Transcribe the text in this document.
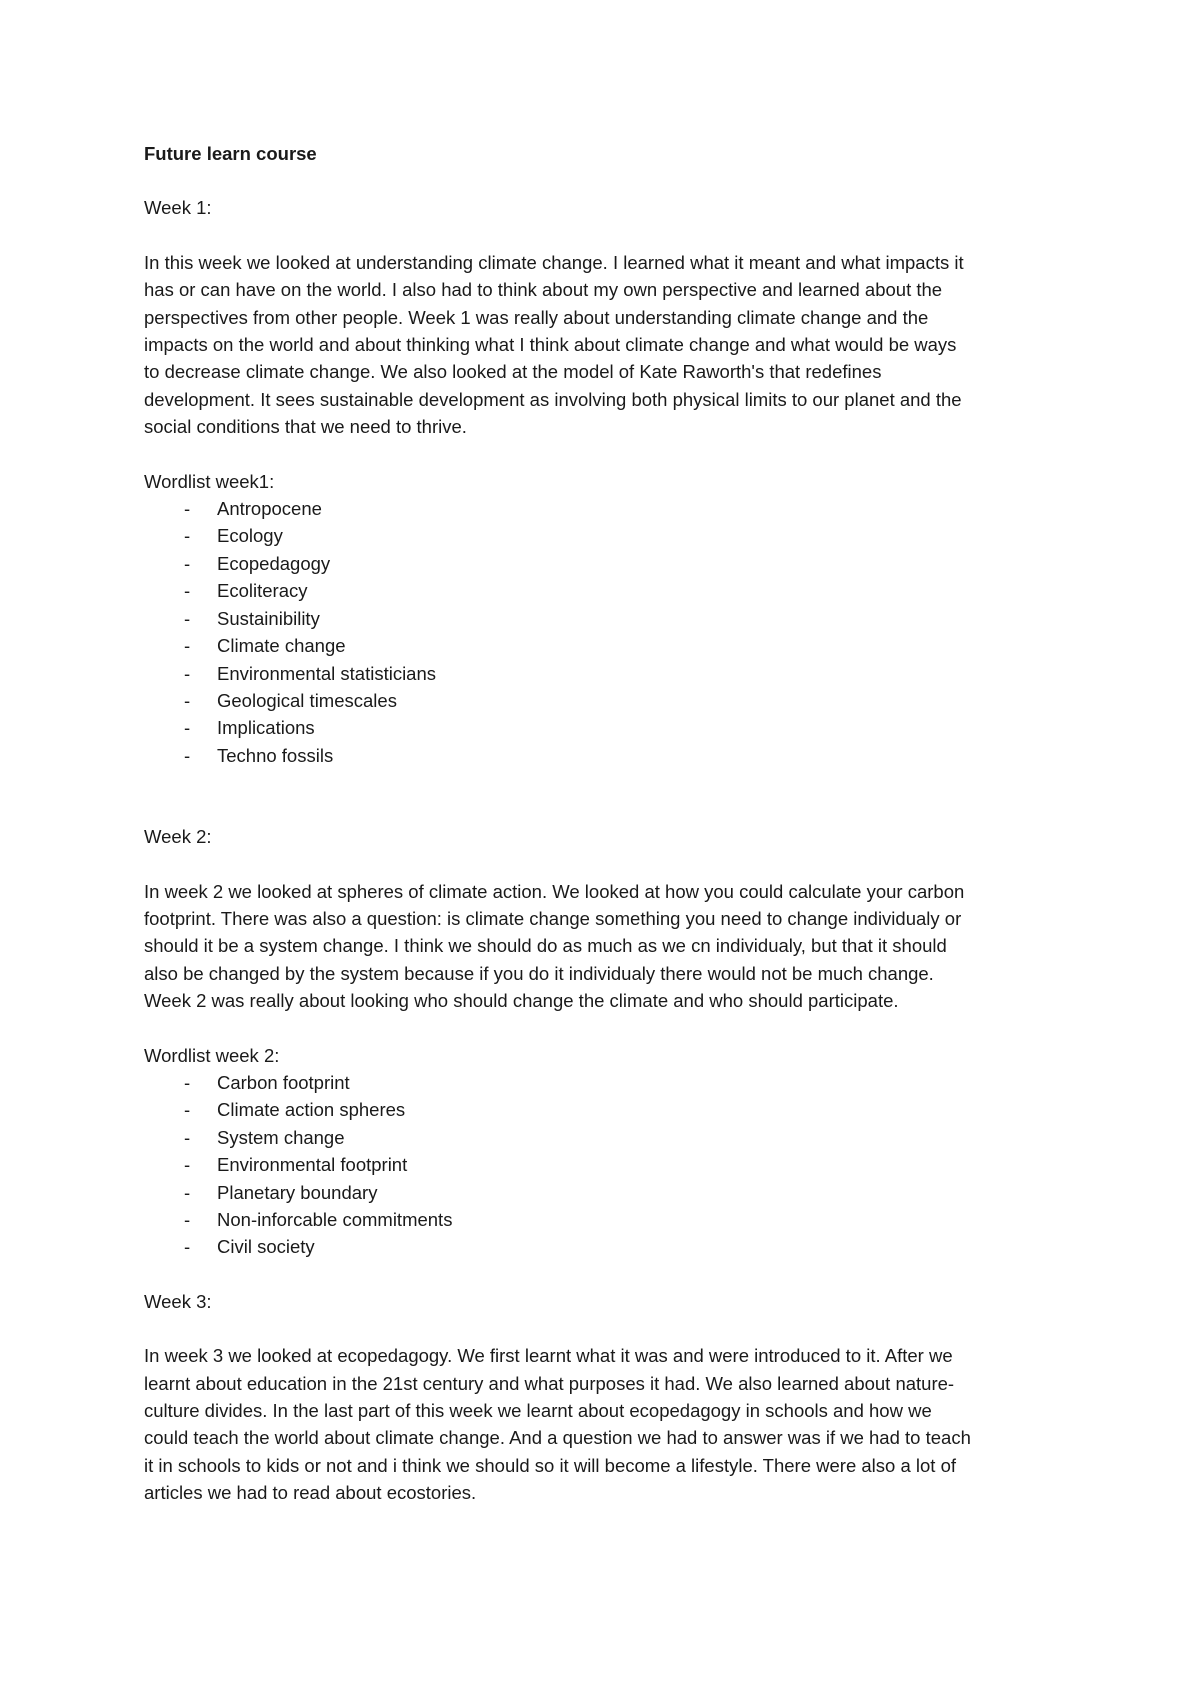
Future learn course
Week 1:
In this week we looked at understanding climate change. I learned what it meant and what impacts it
has or can have on the world. I also had to think about my own perspective and learned about the
perspectives from other people. Week 1 was really about understanding climate change and the
impacts on the world and about thinking what I think about climate change and what would be ways
to decrease climate change. We also looked at the model of Kate Raworth's that redefines
development. It sees sustainable development as involving both physical limits to our planet and the
social conditions that we need to thrive.
Wordlist week1:
- Antropocene
- Ecology
- Ecopedagogy
- Ecoliteracy
- Sustainibility
- Climate change
- Environmental statisticians
- Geological timescales
- Implications
- Techno fossils
Week 2:
In week 2 we looked at spheres of climate action. We looked at how you could calculate your carbon
footprint. There was also a question: is climate change something you need to change individualy or
should it be a system change. I think we should do as much as we cn individualy, but that it should
also be changed by the system because if you do it individualy there would not be much change.
Week 2 was really about looking who should change the climate and who should participate.
Wordlist week 2:
- Carbon footprint
- Climate action spheres
- System change
- Environmental footprint
- Planetary boundary
- Non-inforcable commitments
- Civil society
Week 3:
In week 3 we looked at ecopedagogy. We first learnt what it was and were introduced to it. After we
learnt about education in the 21st century and what purposes it had. We also learned about nature-
culture divides. In the last part of this week we learnt about ecopedagogy in schools and how we
could teach the world about climate change. And a question we had to answer was if we had to teach
it in schools to kids or not and i think we should so it will become a lifestyle. There were also a lot of
articles we had to read about ecostories.
